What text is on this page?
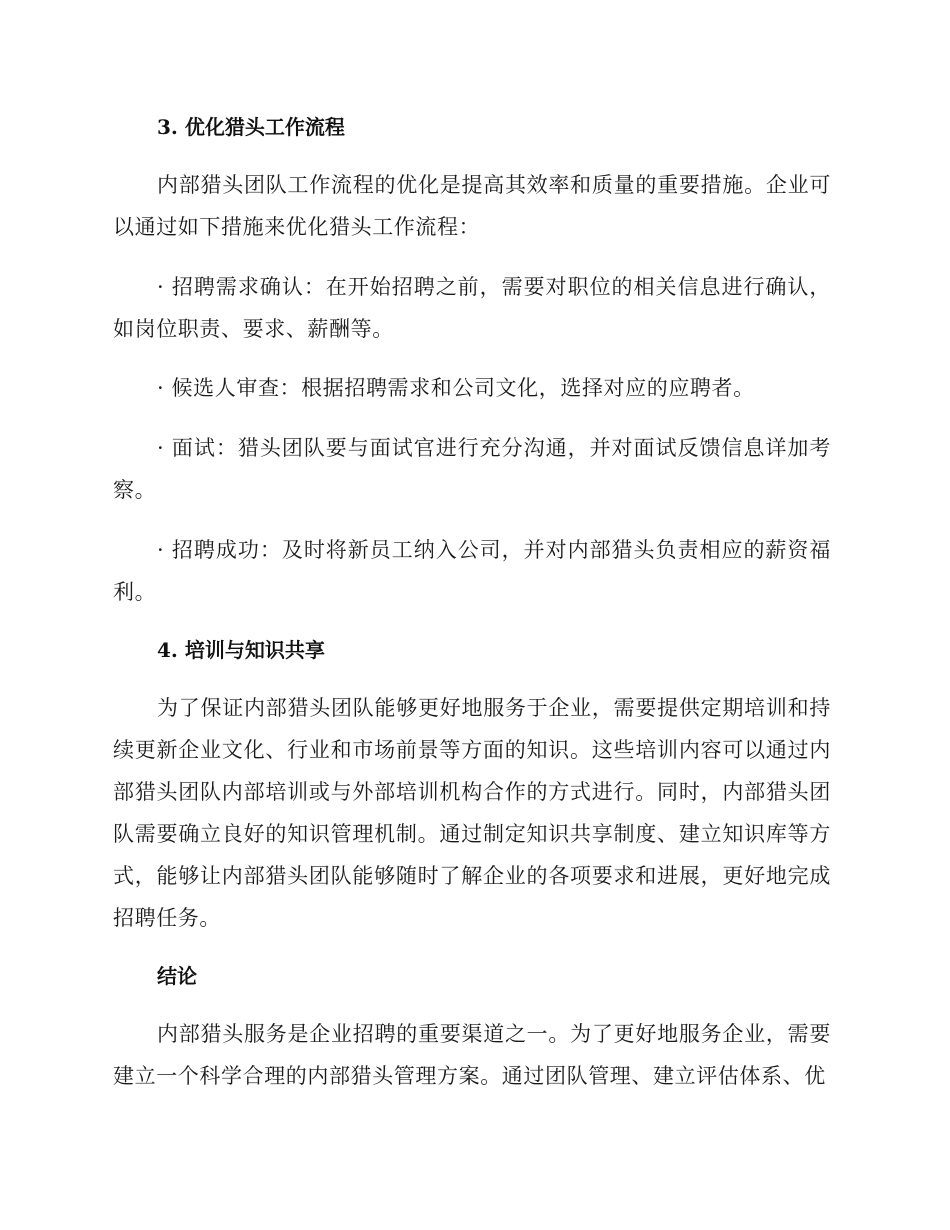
3. 优化猎头工作流程

内部猎头团队工作流程的优化是提高其效率和质量的重要措施。企业可以通过如下措施来优化猎头工作流程：

· 招聘需求确认：在开始招聘之前，需要对职位的相关信息进行确认，如岗位职责、要求、薪酬等。

· 候选人审查：根据招聘需求和公司文化，选择对应的应聘者。

· 面试：猎头团队要与面试官进行充分沟通，并对面试反馈信息详加考察。

· 招聘成功：及时将新员工纳入公司，并对内部猎头负责相应的薪资福利。

4. 培训与知识共享

为了保证内部猎头团队能够更好地服务于企业，需要提供定期培训和持续更新企业文化、行业和市场前景等方面的知识。这些培训内容可以通过内部猎头团队内部培训或与外部培训机构合作的方式进行。同时，内部猎头团队需要确立良好的知识管理机制。通过制定知识共享制度、建立知识库等方式，能够让内部猎头团队能够随时了解企业的各项要求和进展，更好地完成招聘任务。

结论

内部猎头服务是企业招聘的重要渠道之一。为了更好地服务企业，需要建立一个科学合理的内部猎头管理方案。通过团队管理、建立评估体系、优
